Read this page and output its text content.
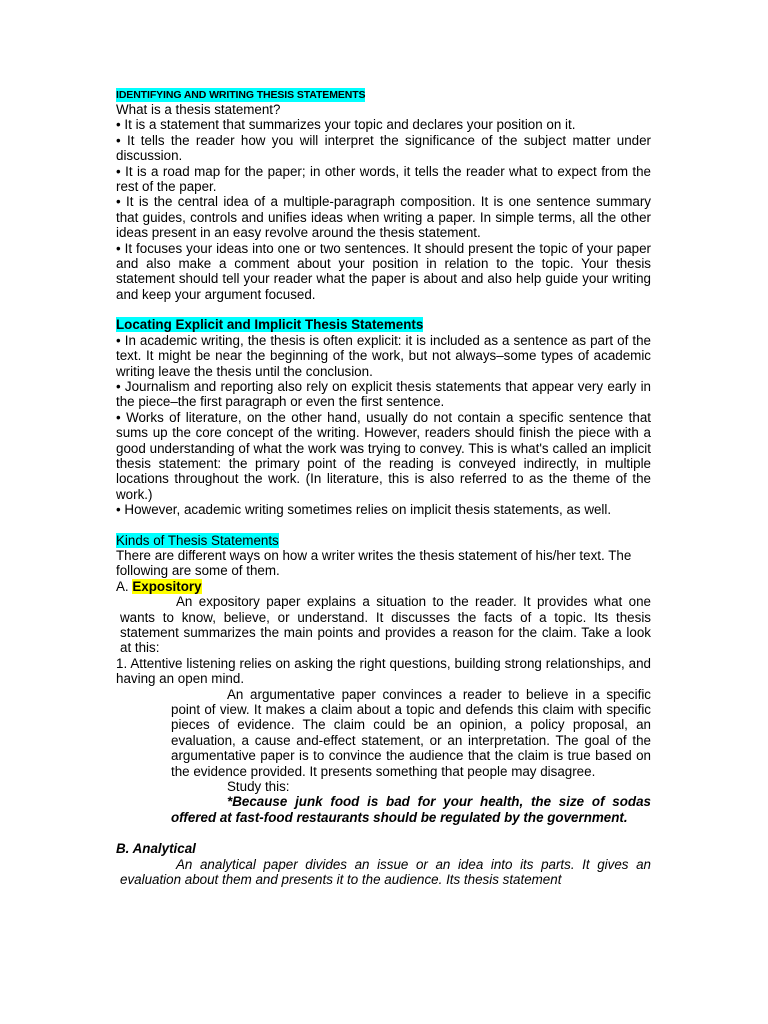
IDENTIFYING AND WRITING THESIS STATEMENTS

What is a thesis statement?

• It is a statement that summarizes your topic and declares your position on it.

• It tells the reader how you will interpret the significance of the subject matter under discussion.

• It is a road map for the paper; in other words, it tells the reader what to expect from the rest of the paper.

• It is the central idea of a multiple-paragraph composition. It is one sentence summary that guides, controls and unifies ideas when writing a paper. In simple terms, all the other ideas present in an easy revolve around the thesis statement.

• It focuses your ideas into one or two sentences. It should present the topic of your paper and also make a comment about your position in relation to the topic. Your thesis statement should tell your reader what the paper is about and also help guide your writing and keep your argument focused.

Locating Explicit and Implicit Thesis Statements

• In academic writing, the thesis is often explicit: it is included as a sentence as part of the text. It might be near the beginning of the work, but not always–some types of academic writing leave the thesis until the conclusion.

• Journalism and reporting also rely on explicit thesis statements that appear very early in the piece–the first paragraph or even the first sentence.

• Works of literature, on the other hand, usually do not contain a specific sentence that sums up the core concept of the writing. However, readers should finish the piece with a good understanding of what the work was trying to convey. This is what's called an implicit thesis statement: the primary point of the reading is conveyed indirectly, in multiple locations throughout the work. (In literature, this is also referred to as the theme of the work.)

• However, academic writing sometimes relies on implicit thesis statements, as well.

Kinds of Thesis Statements

There are different ways on how a writer writes the thesis statement of his/her text. The following are some of them.

A. Expository

An expository paper explains a situation to the reader. It provides what one wants to know, believe, or understand. It discusses the facts of a topic. Its thesis statement summarizes the main points and provides a reason for the claim. Take a look at this:

1. Attentive listening relies on asking the right questions, building strong relationships, and having an open mind.

An argumentative paper convinces a reader to believe in a specific point of view. It makes a claim about a topic and defends this claim with specific pieces of evidence. The claim could be an opinion, a policy proposal, an evaluation, a cause and-effect statement, or an interpretation. The goal of the argumentative paper is to convince the audience that the claim is true based on the evidence provided. It presents something that people may disagree.

Study this:

*Because junk food is bad for your health, the size of sodas offered at fast-food restaurants should be regulated by the government.

B. Analytical

An analytical paper divides an issue or an idea into its parts. It gives an evaluation about them and presents it to the audience. Its thesis statement
